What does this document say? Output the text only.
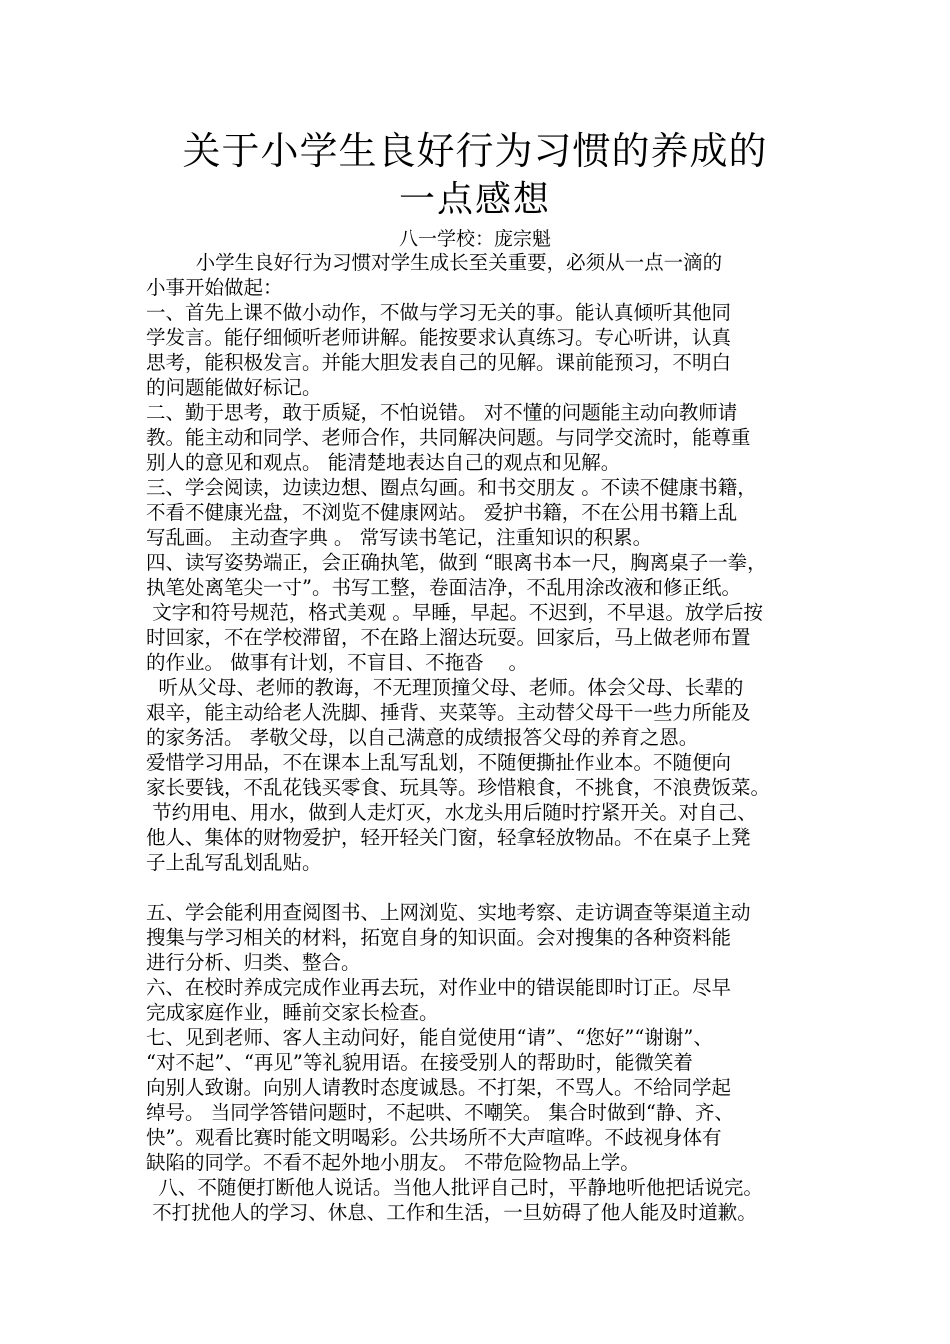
关于小学生良好行为习惯的养成的
一点感想
八一学校：庞宗魁
小学生良好行为习惯对学生成长至关重要，必须从一点一滴的
小事开始做起：
一、首先上课不做小动作，不做与学习无关的事。能认真倾听其他同
学发言。能仔细倾听老师讲解。能按要求认真练习。专心听讲，认真
思考，能积极发言。并能大胆发表自己的见解。课前能预习，不明白
的问题能做好标记。
二、勤于思考，敢于质疑，不怕说错。 对不懂的问题能主动向教师请
教。能主动和同学、老师合作，共同解决问题。与同学交流时，能尊重
别人的意见和观点。 能清楚地表达自己的观点和见解。
三、学会阅读，边读边想、圈点勾画。和书交朋友 。不读不健康书籍，
不看不健康光盘，不浏览不健康网站。 爱护书籍，不在公用书籍上乱
写乱画。 主动查字典 。 常写读书笔记，注重知识的积累。
四、读写姿势端正，会正确执笔，做到 “眼离书本一尺，胸离桌子一拳，
执笔处离笔尖一寸”。书写工整，卷面洁净，不乱用涂改液和修正纸。
文字和符号规范，格式美观 。早睡，早起。不迟到，不早退。放学后按
时回家，不在学校滞留，不在路上溜达玩耍。回家后，马上做老师布置
的作业。 做事有计划，不盲目、不拖沓    。
听从父母、老师的教诲，不无理顶撞父母、老师。体会父母、长辈的
艰辛，能主动给老人洗脚、捶背、夹菜等。主动替父母干一些力所能及
的家务活。 孝敬父母，以自己满意的成绩报答父母的养育之恩。
爱惜学习用品，不在课本上乱写乱划，不随便撕扯作业本。不随便向
家长要钱，不乱花钱买零食、玩具等。珍惜粮食，不挑食，不浪费饭菜。
节约用电、用水，做到人走灯灭，水龙头用后随时拧紧开关。对自己、
他人、集体的财物爱护，轻开轻关门窗，轻拿轻放物品。不在桌子上凳
子上乱写乱划乱贴。
五、学会能利用查阅图书、上网浏览、实地考察、走访调查等渠道主动
搜集与学习相关的材料，拓宽自身的知识面。会对搜集的各种资料能
进行分析、归类、整合。
六、在校时养成完成作业再去玩，对作业中的错误能即时订正。尽早
完成家庭作业，睡前交家长检查。
七、见到老师、客人主动问好，能自觉使用“请”、“您好”“谢谢”、
“对不起”、“再见”等礼貌用语。在接受别人的帮助时，能微笑着
向别人致谢。向别人请教时态度诚恳。不打架，不骂人。不给同学起
绰号。 当同学答错问题时，不起哄、不嘲笑。 集合时做到“静、齐、
快”。观看比赛时能文明喝彩。公共场所不大声喧哗。不歧视身体有
缺陷的同学。不看不起外地小朋友。 不带危险物品上学。
八、不随便打断他人说话。当他人批评自己时，平静地听他把话说完。
不打扰他人的学习、休息、工作和生活，一旦妨碍了他人能及时道歉。
